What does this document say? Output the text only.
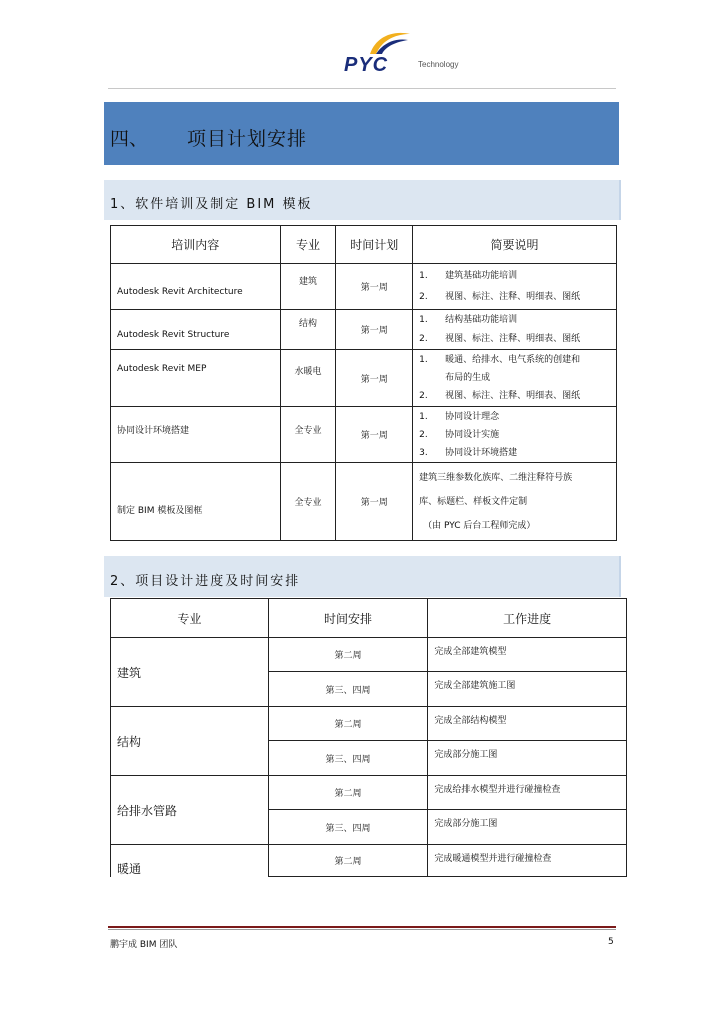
PYC	Technology
四、 项目计划安排
1、软件培训及制定 BIM 模板
培训内容	专业	时间计划	简要说明
Autodesk Revit Architecture	建筑	第一周	1. 建筑基础功能培训
2. 视图、标注、注释、明细表、图纸

Autodesk Revit Structure	结构	第一周	1. 结构基础功能培训
2. 视图、标注、注释、明细表、图纸

Autodesk Revit MEP	水暖电	第一周	1. 暖通、给排水、电气系统的创建和
布局的生成
2. 视图、标注、注释、明细表、图纸

协同设计环境搭建	全专业	第一周	1. 协同设计理念
2. 协同设计实施
3. 协同设计环境搭建

制定 BIM 模板及图框	全专业	第一周	建筑三维参数化族库、二维注释符号族
库、标题栏、样板文件定制
（由 PYC 后台工程师完成）
2、项目设计进度及时间安排
专业	时间安排	工作进度
建筑	第二周	完成全部建筑模型
	第三、四周	完成全部建筑施工图
结构	第二周	完成全部结构模型
	第三、四周	完成部分施工图
给排水管路	第二周	完成给排水模型并进行碰撞检查
	第三、四周	完成部分施工图
暖通	第二周	完成暖通模型并进行碰撞检查
鹏宇成 BIM 团队	5
